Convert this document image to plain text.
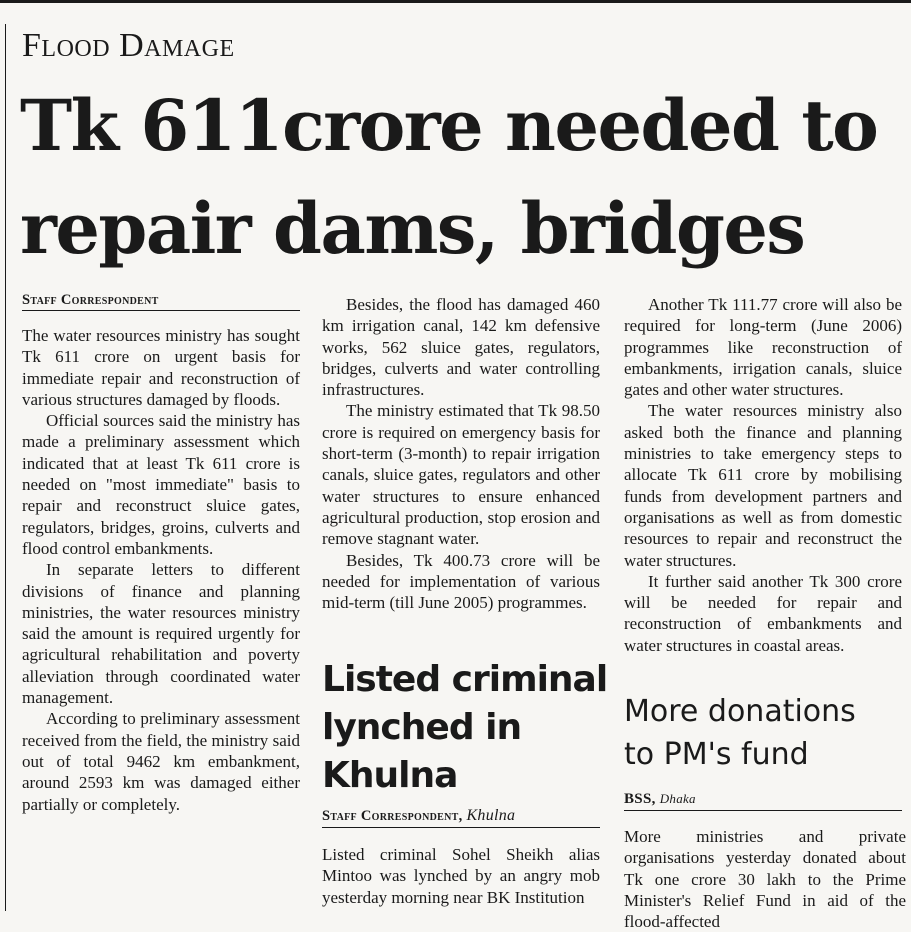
Flood Damage
Tk 611crore needed to
repair dams, bridges
Staff Correspondent

The water resources ministry has sought Tk 611 crore on urgent basis for immediate repair and reconstruction of various structures damaged by floods.

Official sources said the ministry has made a preliminary assessment which indicated that at least Tk 611 crore is needed on "most immediate" basis to repair and reconstruct sluice gates, regulators, bridges, groins, culverts and flood control embankments.

In separate letters to different divisions of finance and planning ministries, the water resources ministry said the amount is required urgently for agricultural rehabilitation and poverty alleviation through coordinated water management.

According to preliminary assessment received from the field, the ministry said out of total 9462 km embankment, around 2593 km was damaged either partially or completely.

Besides, the flood has damaged 460 km irrigation canal, 142 km defensive works, 562 sluice gates, regulators, bridges, culverts and water controlling infrastructures.

The ministry estimated that Tk 98.50 crore is required on emergency basis for short-term (3-month) to repair irrigation canals, sluice gates, regulators and other water structures to ensure enhanced agricultural production, stop erosion and remove stagnant water.

Besides, Tk 400.73 crore will be needed for implementation of various mid-term (till June 2005) programmes.

Another Tk 111.77 crore will also be required for long-term (June 2006) programmes like reconstruction of embankments, irrigation canals, sluice gates and other water structures.

The water resources ministry also asked both the finance and planning ministries to take emergency steps to allocate Tk 611 crore by mobilising funds from development partners and organisations as well as from domestic resources to repair and reconstruct the water structures.

It further said another Tk 300 crore will be needed for repair and reconstruction of embankments and water structures in coastal areas.

Listed criminal
lynched in
Khulna
Staff Correspondent, Khulna

Listed criminal Sohel Sheikh alias Mintoo was lynched by an angry mob yesterday morning near BK Institution

More donations
to PM's fund
BSS, Dhaka

More ministries and private organisations yesterday donated about Tk one crore 30 lakh to the Prime Minister's Relief Fund in aid of the flood-affected
